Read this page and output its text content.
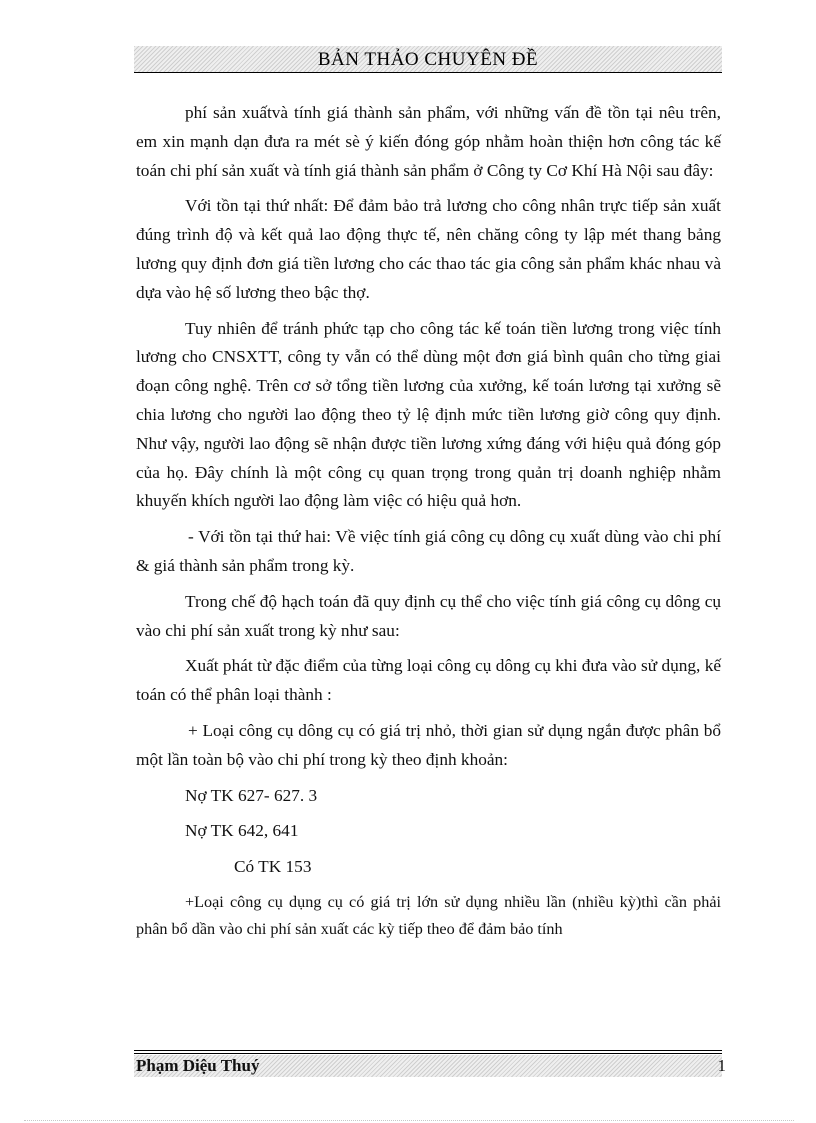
BẢN THẢO CHUYÊN ĐỀ

phí sản xuấtvà tính giá thành sản phẩm, với những vấn đề tồn tại nêu trên, em xin mạnh dạn đưa ra mét sè ý kiến đóng góp nhằm hoàn thiện hơn công tác kế toán chi phí sản xuất và tính giá thành sản phẩm ở Công ty Cơ Khí Hà Nội sau đây:

Với tồn tại thứ nhất: Để đảm bảo trả lương cho công nhân trực tiếp sản xuất đúng trình độ và kết quả lao động thực tế, nên chăng công ty lập mét thang bảng lương quy định đơn giá tiền lương cho các thao tác gia công sản phẩm khác nhau và dựa vào hệ số lương theo bậc thợ.

Tuy nhiên để tránh phức tạp cho công tác kế toán tiền lương trong việc tính lương cho CNSXTT, công ty vẫn có thể dùng một đơn giá bình quân cho từng giai đoạn công nghệ. Trên cơ sở tổng tiền lương của xưởng, kế toán lương tại xưởng sẽ chia lương cho người lao động theo tỷ lệ định mức tiền lương giờ công quy định. Như vậy, người lao động sẽ nhận được tiền lương xứng đáng với hiệu quả đóng góp của họ. Đây chính là một công cụ quan trọng trong quản trị doanh nghiệp nhằm khuyến khích người lao động làm việc có hiệu quả hơn.

- Với tồn tại thứ hai: Về việc tính giá công cụ dông cụ xuất dùng vào chi phí & giá thành sản phẩm trong kỳ.

Trong chế độ hạch toán đã quy định cụ thể cho việc tính giá công cụ dông cụ vào chi phí sản xuất trong kỳ như sau:

Xuất phát từ đặc điểm của từng loại công cụ dông cụ khi đưa vào sử dụng, kế toán có thể phân loại thành :

+ Loại công cụ dông cụ có giá trị nhỏ, thời gian sử dụng ngắn được phân bổ một lần toàn bộ vào chi phí trong kỳ theo định khoản:

Nợ TK 627- 627. 3

Nợ TK 642, 641

Có TK 153

+Loại công cụ dụng cụ có giá trị lớn sử dụng nhiều lần (nhiều kỳ)thì cần phải phân bổ dần vào chi phí sản xuất các kỳ tiếp theo để đảm bảo tính

Phạm Diệu Thuý	1
